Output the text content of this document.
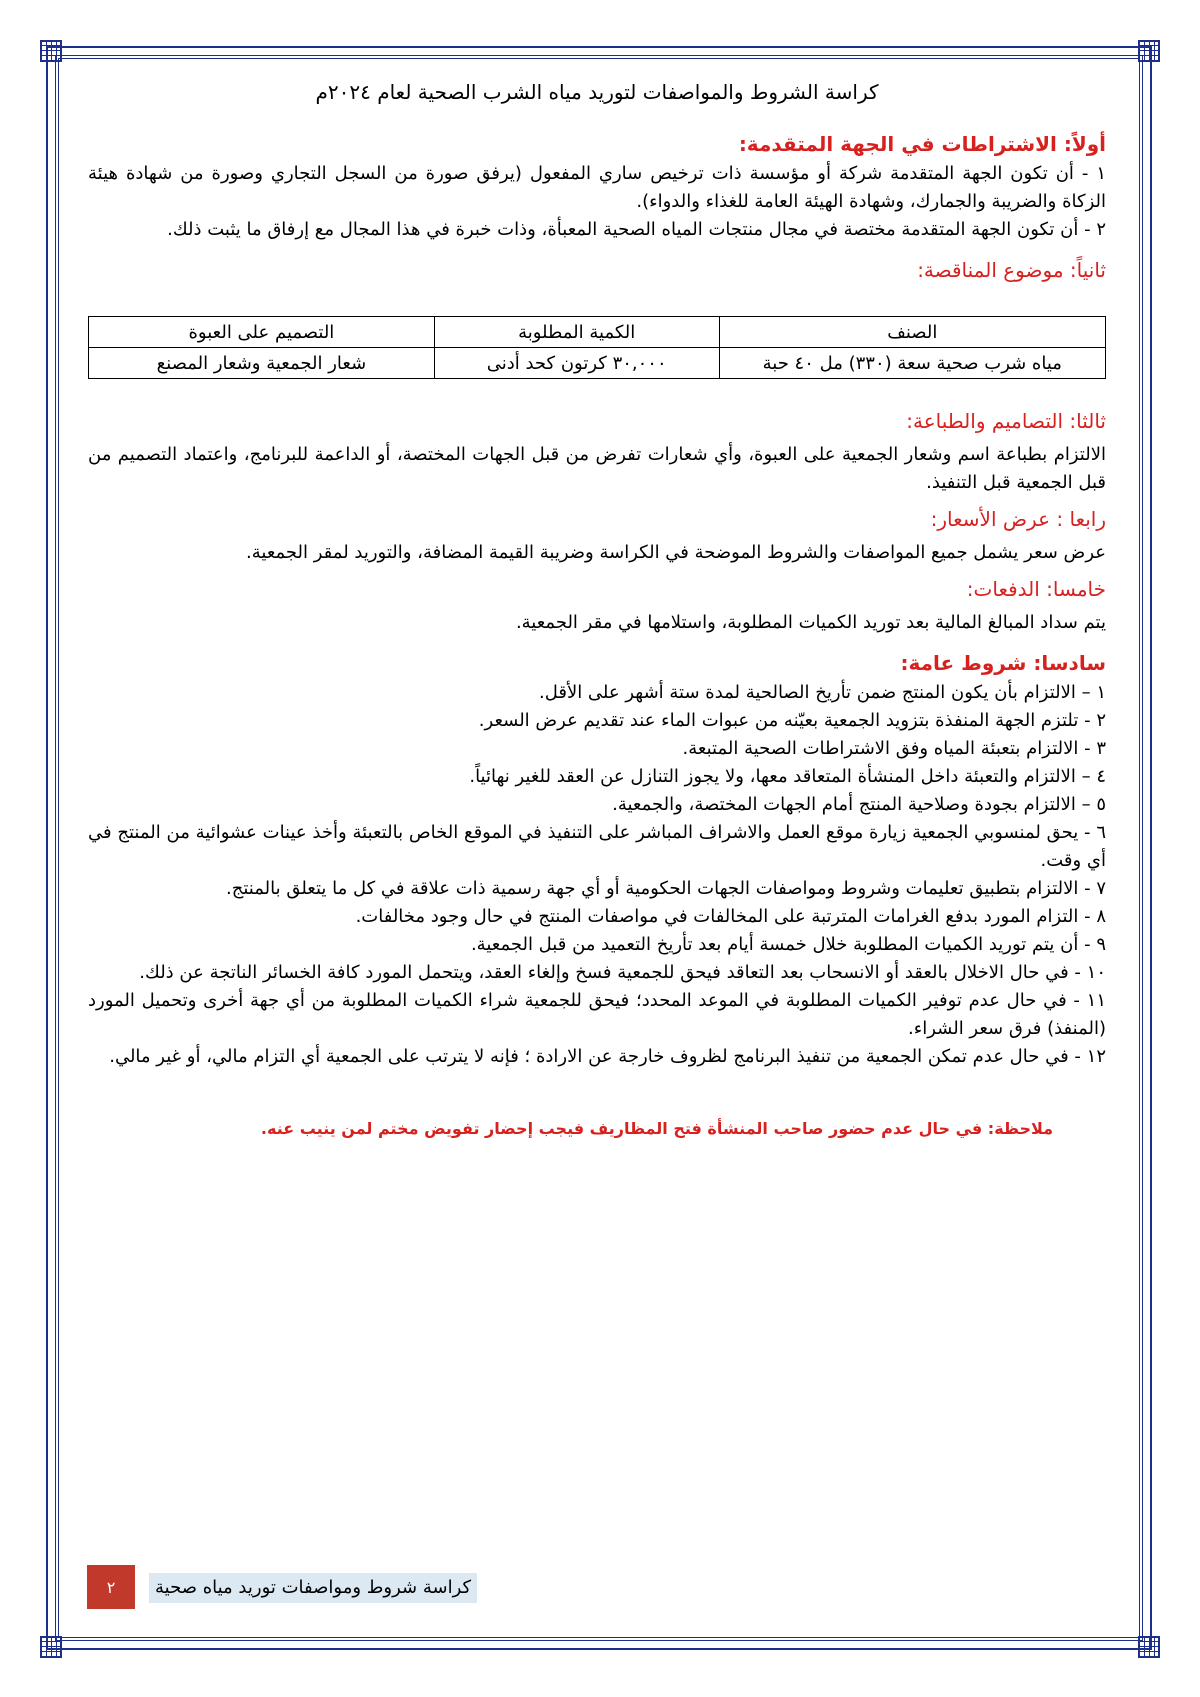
كراسة الشروط والمواصفات لتوريد مياه الشرب الصحية لعام ٢٠٢٤م
أولاً: الاشتراطات في الجهة المتقدمة:

١ - أن تكون الجهة المتقدمة شركة أو مؤسسة ذات ترخيص ساري المفعول (يرفق صورة من السجل التجاري وصورة من شهادة هيئة الزكاة والضريبة والجمارك، وشهادة الهيئة العامة للغذاء والدواء).

٢ - أن تكون الجهة المتقدمة مختصة في مجال منتجات المياه الصحية المعبأة، وذات خبرة في هذا المجال مع إرفاق ما يثبت ذلك.

ثانياً: موضوع المناقصة:
الصنف	الكمية المطلوبة	التصميم على العبوة
مياه شرب صحية سعة (٣٣٠) مل ٤٠ حبة	٣٠,٠٠٠ كرتون كحد أدنى	شعار الجمعية وشعار المصنع
ثالثا: التصاميم والطباعة:

الالتزام بطباعة اسم وشعار الجمعية على العبوة، وأي شعارات تفرض من قبل الجهات المختصة، أو الداعمة للبرنامج، واعتماد التصميم من قبل الجمعية قبل التنفيذ.

رابعا : عرض الأسعار:

عرض سعر يشمل جميع المواصفات والشروط الموضحة في الكراسة وضريبة القيمة المضافة، والتوريد لمقر الجمعية.

خامسا: الدفعات:

يتم سداد المبالغ المالية بعد توريد الكميات المطلوبة، واستلامها في مقر الجمعية.

سادسا: شروط عامة:

١ – الالتزام بأن يكون المنتج ضمن تأريخ الصالحية لمدة ستة أشهر على الأقل.

٢ - تلتزم الجهة المنفذة بتزويد الجمعية بعيّنه من عبوات الماء عند تقديم عرض السعر.

٣ - الالتزام بتعبئة المياه وفق الاشتراطات الصحية المتبعة.

٤ – الالتزام والتعبئة داخل المنشأة المتعاقد معها، ولا يجوز التنازل عن العقد للغير نهائياً.

٥ – الالتزام بجودة وصلاحية المنتج أمام الجهات المختصة، والجمعية.

٦ - يحق لمنسوبي الجمعية زيارة موقع العمل والاشراف المباشر على التنفيذ في الموقع الخاص بالتعبئة وأخذ عينات عشوائية من المنتج في أي وقت.

٧ - الالتزام بتطبيق تعليمات وشروط ومواصفات الجهات الحكومية أو أي جهة رسمية ذات علاقة في كل ما يتعلق بالمنتج.

٨ - التزام المورد بدفع الغرامات المترتبة على المخالفات في مواصفات المنتج في حال وجود مخالفات.

٩ - أن يتم توريد الكميات المطلوبة خلال خمسة أيام بعد تأريخ التعميد من قبل الجمعية.

١٠ - في حال الاخلال بالعقد أو الانسحاب بعد التعاقد فيحق للجمعية فسخ وإلغاء العقد، ويتحمل المورد كافة الخسائر الناتجة عن ذلك.

١١ - في حال عدم توفير الكميات المطلوبة في الموعد المحدد؛ فيحق للجمعية شراء الكميات المطلوبة من أي جهة أخرى وتحميل المورد (المنفذ) فرق سعر الشراء.

١٢ - في حال عدم تمكن الجمعية من تنفيذ البرنامج لظروف خارجة عن الارادة ؛ فإنه لا يترتب على الجمعية أي التزام مالي، أو غير مالي.

ملاحظة: في حال عدم حضور صاحب المنشأة فتح المظاريف فيجب إحضار تفويض مختم لمن ينيب عنه.
٢	كراسة شروط ومواصفات توريد مياه صحية
